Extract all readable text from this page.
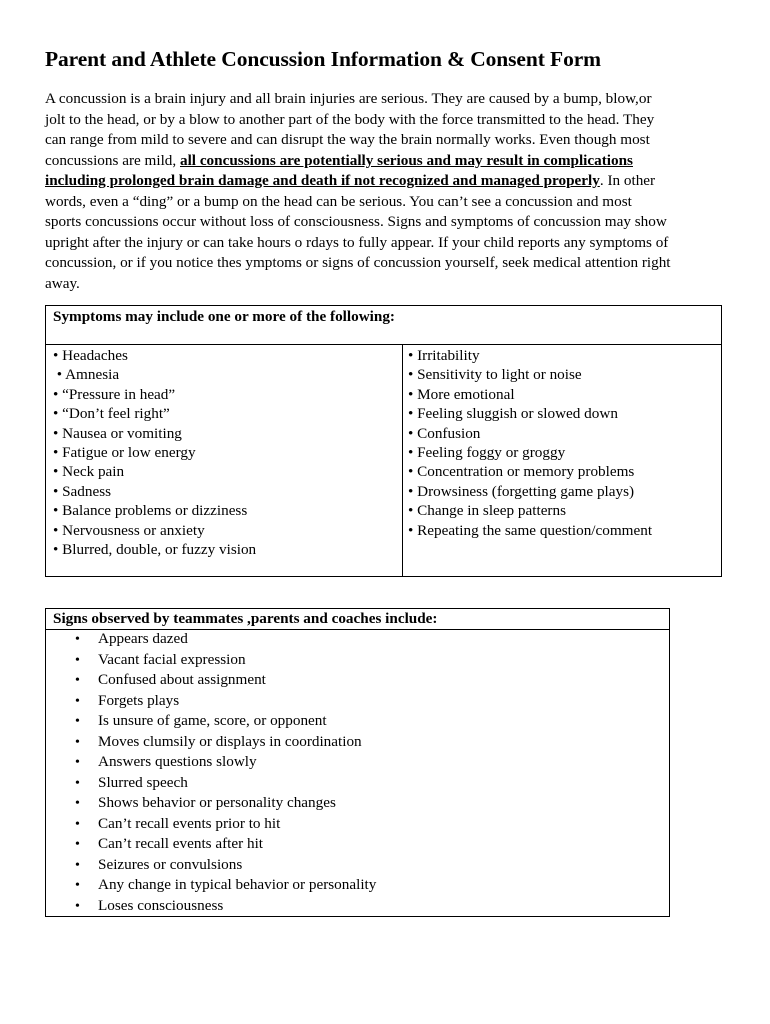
Parent and Athlete Concussion Information & Consent Form
A concussion is a brain injury and all brain injuries are serious. They are caused by a bump, blow,or
jolt to the head, or by a blow to another part of the body with the force transmitted to the head. They
can range from mild to severe and can disrupt the way the brain normally works. Even though most
concussions are mild, all concussions are potentially serious and may result in complications
including prolonged brain damage and death if not recognized and managed properly. In other
words, even a “ding” or a bump on the head can be serious. You can’t see a concussion and most
sports concussions occur without loss of consciousness. Signs and symptoms of concussion may show
upright after the injury or can take hours o rdays to fully appear. If your child reports any symptoms of
concussion, or if you notice thes ymptoms or signs of concussion yourself, seek medical attention right
away.
Symptoms may include one or more of the following:
• Headaches
• Amnesia
• “Pressure in head”
• “Don’t feel right”
• Nausea or vomiting
• Fatigue or low energy
• Neck pain
• Sadness
• Balance problems or dizziness
• Nervousness or anxiety
• Blurred, double, or fuzzy vision
• Irritability
• Sensitivity to light or noise
• More emotional
• Feeling sluggish or slowed down
• Confusion
• Feeling foggy or groggy
• Concentration or memory problems
• Drowsiness (forgetting game plays)
• Change in sleep patterns
• Repeating the same question/comment
Signs observed by teammates ,parents and coaches include:
• Appears dazed
• Vacant facial expression
• Confused about assignment
• Forgets plays
• Is unsure of game, score, or opponent
• Moves clumsily or displays in coordination
• Answers questions slowly
• Slurred speech
• Shows behavior or personality changes
• Can’t recall events prior to hit
• Can’t recall events after hit
• Seizures or convulsions
• Any change in typical behavior or personality
• Loses consciousness
